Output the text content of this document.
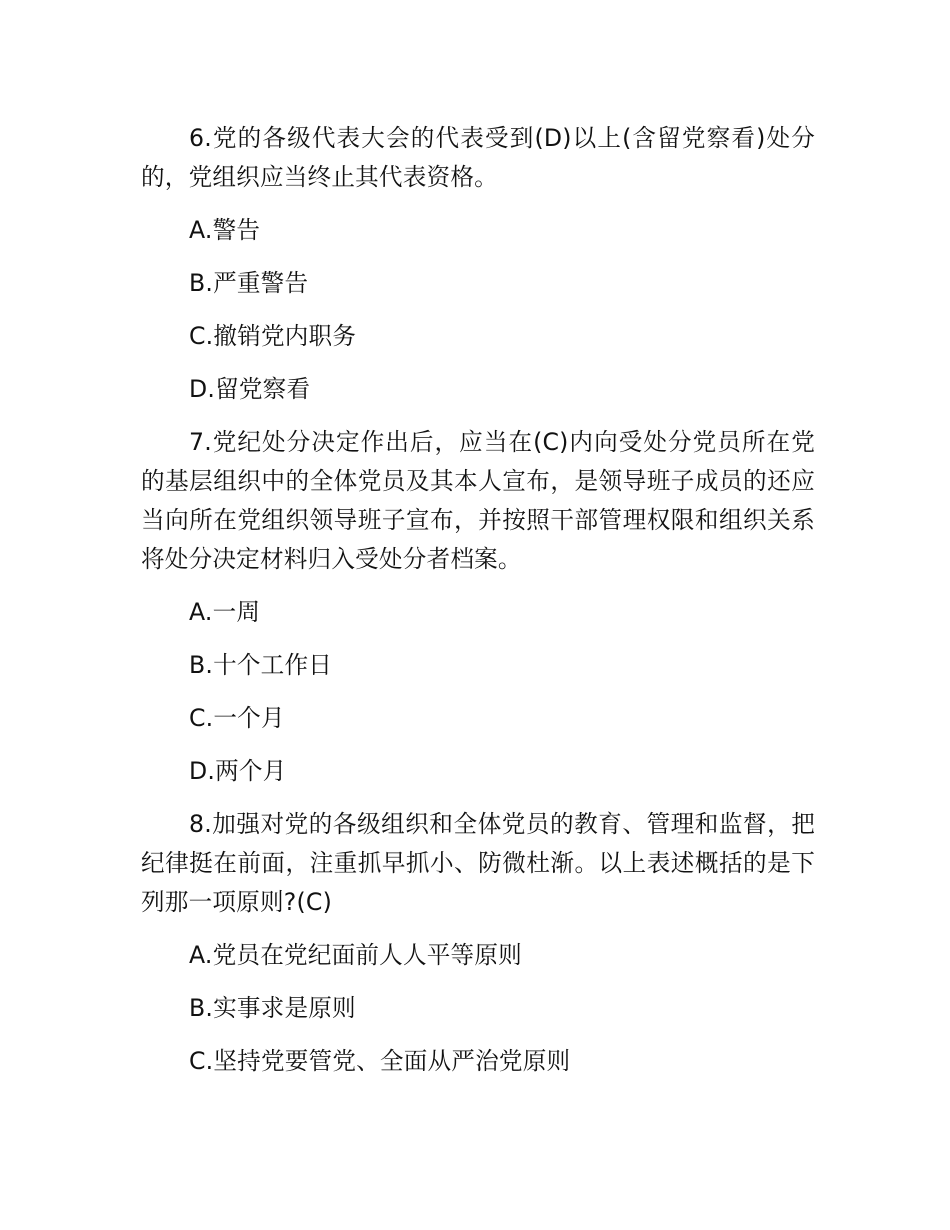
6.党的各级代表大会的代表受到(D)以上(含留党察看)处分的，党组织应当终止其代表资格。

A.警告

B.严重警告

C.撤销党内职务

D.留党察看

7.党纪处分决定作出后，应当在(C)内向受处分党员所在党的基层组织中的全体党员及其本人宣布，是领导班子成员的还应当向所在党组织领导班子宣布，并按照干部管理权限和组织关系将处分决定材料归入受处分者档案。

A.一周

B.十个工作日

C.一个月

D.两个月

8.加强对党的各级组织和全体党员的教育、管理和监督，把纪律挺在前面，注重抓早抓小、防微杜渐。以上表述概括的是下列那一项原则?(C)

A.党员在党纪面前人人平等原则

B.实事求是原则

C.坚持党要管党、全面从严治党原则
